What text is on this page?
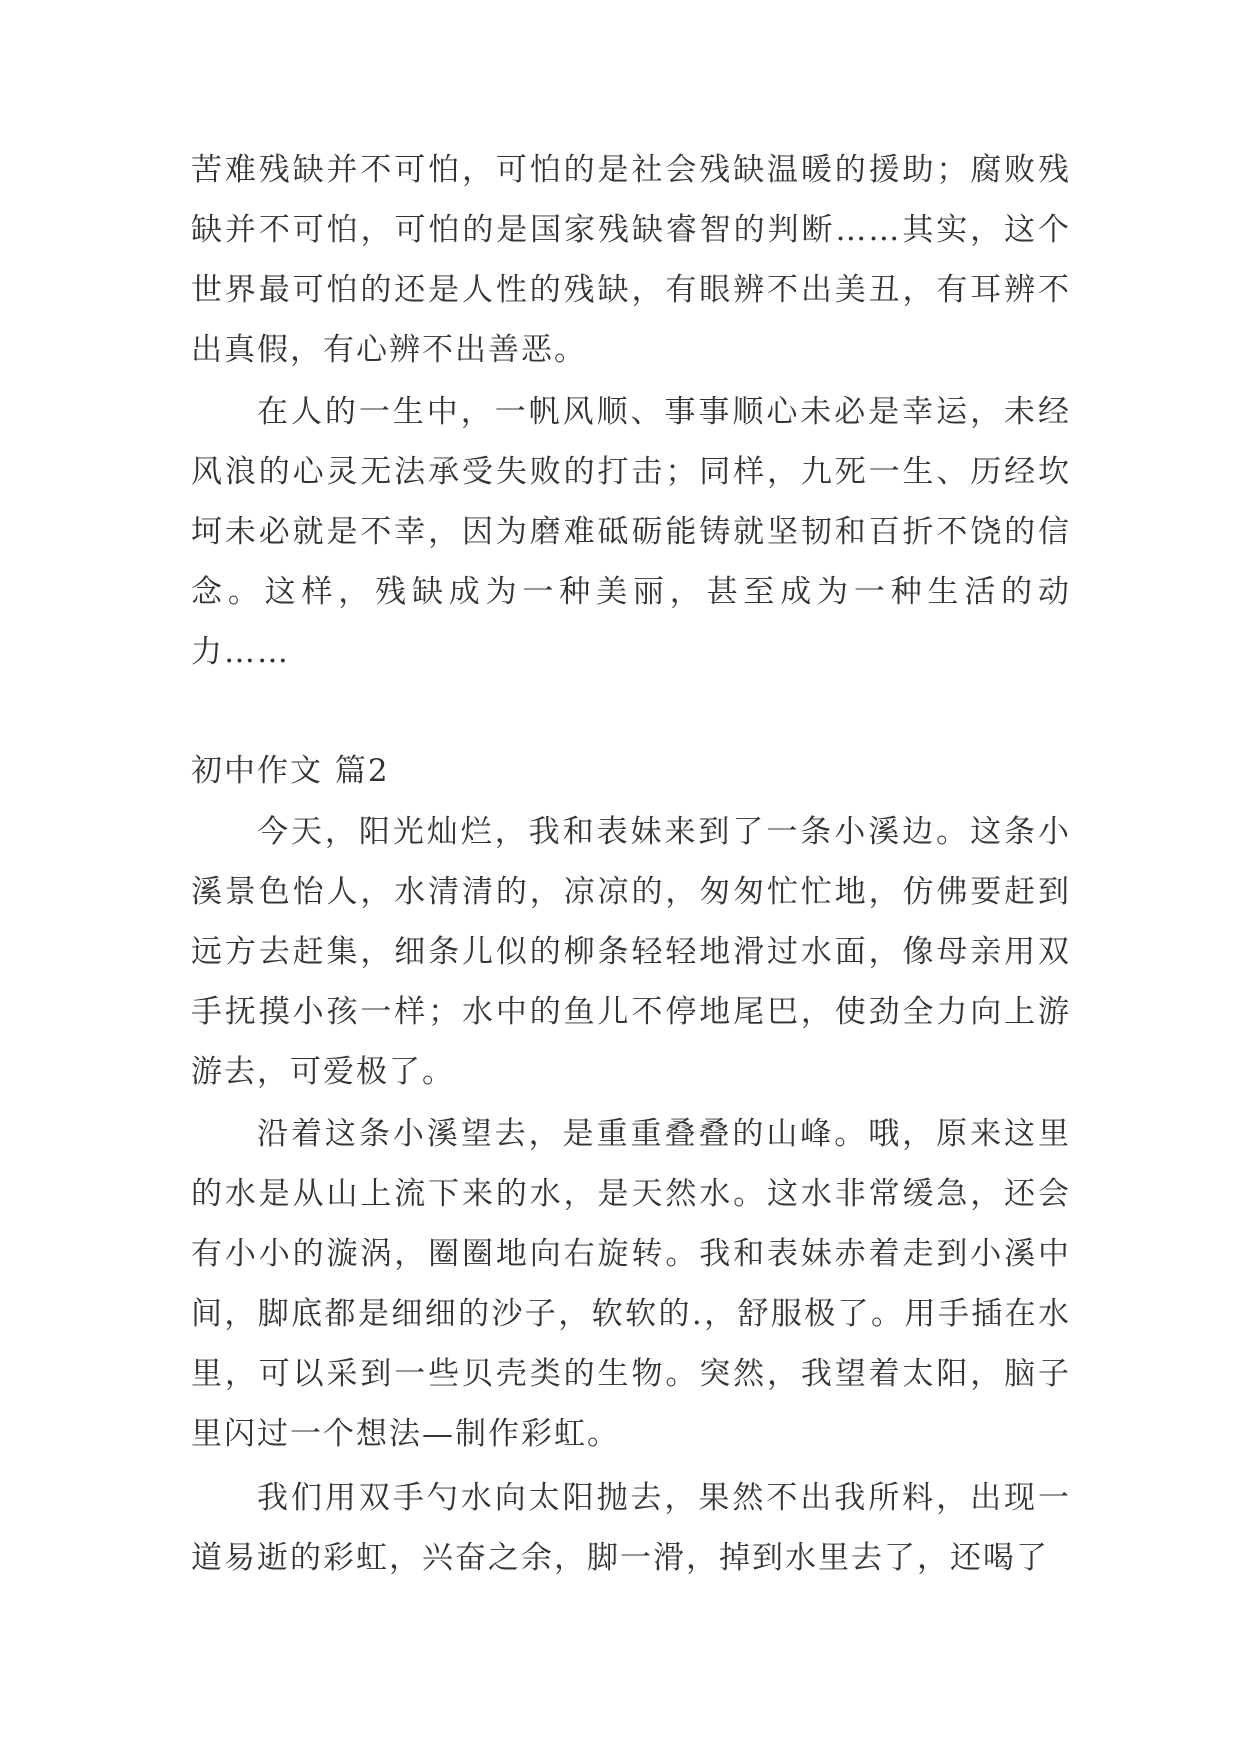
苦难残缺并不可怕，可怕的是社会残缺温暖的援助；腐败残缺并不可怕，可怕的是国家残缺睿智的判断……其实，这个世界最可怕的还是人性的残缺，有眼辨不出美丑，有耳辨不出真假，有心辨不出善恶。

在人的一生中，一帆风顺、事事顺心未必是幸运，未经风浪的心灵无法承受失败的打击；同样，九死一生、历经坎坷未必就是不幸，因为磨难砥砺能铸就坚韧和百折不饶的信念。这样，残缺成为一种美丽，甚至成为一种生活的动力……

初中作文 篇2

今天，阳光灿烂，我和表妹来到了一条小溪边。这条小溪景色怡人，水清清的，凉凉的，匆匆忙忙地，仿佛要赶到远方去赶集，细条儿似的柳条轻轻地滑过水面，像母亲用双手抚摸小孩一样；水中的鱼儿不停地尾巴，使劲全力向上游游去，可爱极了。

沿着这条小溪望去，是重重叠叠的山峰。哦，原来这里的水是从山上流下来的水，是天然水。这水非常缓急，还会有小小的漩涡，圈圈地向右旋转。我和表妹赤着走到小溪中间，脚底都是细细的沙子，软软的.，舒服极了。用手插在水里，可以采到一些贝壳类的生物。突然，我望着太阳，脑子里闪过一个想法—制作彩虹。

我们用双手勺水向太阳抛去，果然不出我所料，出现一道易逝的彩虹，兴奋之余，脚一滑，掉到水里去了，还喝了
